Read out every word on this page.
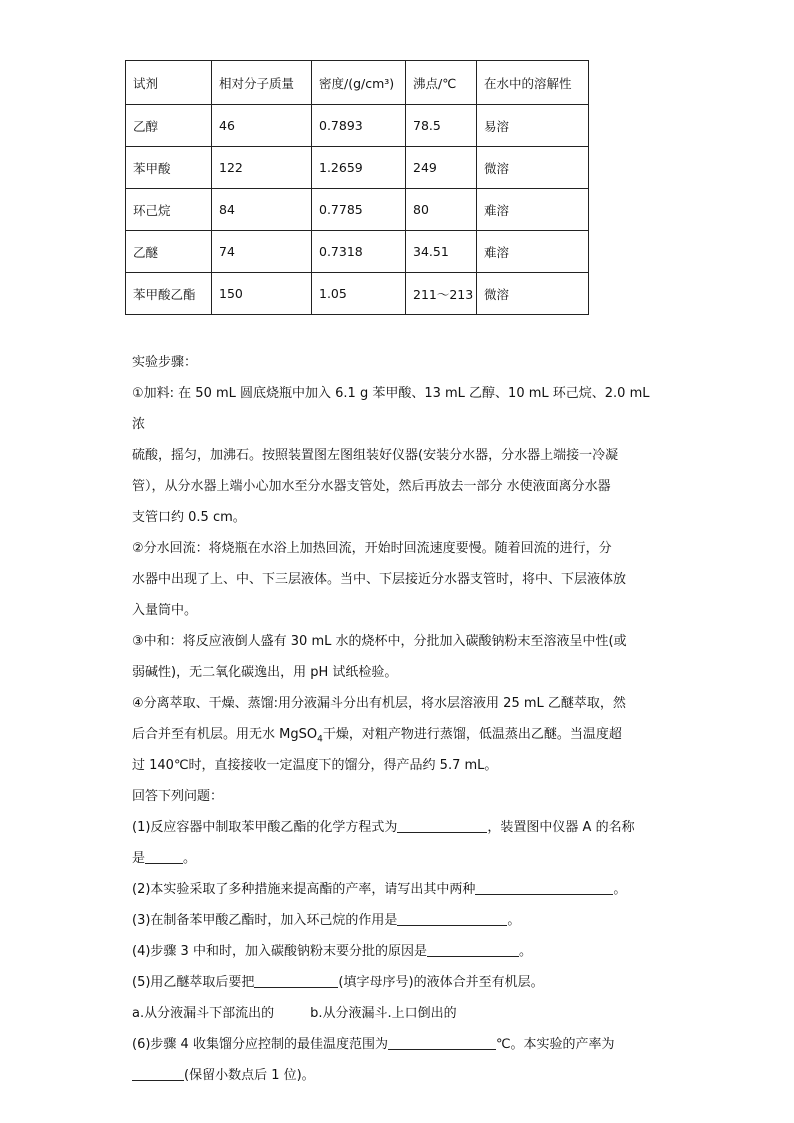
试剂	相对分子质量	密度/(g/cm³)	沸点/℃	在水中的溶解性
乙醇	46	0.7893	78.5	易溶
苯甲酸	122	1.2659	249	微溶
环己烷	84	0.7785	80	难溶
乙醚	74	0.7318	34.51	难溶
苯甲酸乙酯	150	1.05	211～213	微溶

实验步骤：

①加料: 在 50 mL 圆底烧瓶中加入 6.1 g 苯甲酸、13 mL 乙醇、10 mL 环己烷、2.0 mL 浓

硫酸，摇匀，加沸石。按照装置图左图组装好仪器(安装分水器，分水器上端接一冷凝

管），从分水器上端小心加水至分水器支管处，然后再放去一部分 水使液面离分水器

支管口约 0.5 cm。

②分水回流：将烧瓶在水浴上加热回流，开始时回流速度要慢。随着回流的进行，分

水器中出现了上、中、下三层液体。当中、下层接近分水器支管时，将中、下层液体放

入量筒中。

③中和：将反应液倒人盛有 30 mL 水的烧杯中，分批加入碳酸钠粉末至溶液呈中性(或

弱碱性)，无二氧化碳逸出，用 pH 试纸检验。

④分离萃取、干燥、蒸馏:用分液漏斗分出有机层，将水层溶液用 25 mL 乙醚萃取，然

后合并至有机层。用无水 MgSO$_4$干燥，对粗产物进行蒸馏，低温蒸出乙醚。当温度超

过 140℃时，直接接收一定温度下的馏分，得产品约 5.7 mL。

回答下列问题：

(1)反应容器中制取苯甲酸乙酯的化学方程式为	，装置图中仪器 A 的名称

是	。

(2)本实验采取了多种措施来提高酯的产率，请写出其中两种	。

(3)在制备苯甲酸乙酯时，加入环己烷的作用是	。

(4)步骤 3 中和时，加入碳酸钠粉末要分批的原因是	。

(5)用乙醚萃取后要把	(填字母序号)的液体合并至有机层。

a.从分液漏斗下部流出的	b.从分液漏斗.上口倒出的

(6)步骤 4 收集馏分应控制的最佳温度范围为	℃。本实验的产率为

(保留小数点后 1 位)。
